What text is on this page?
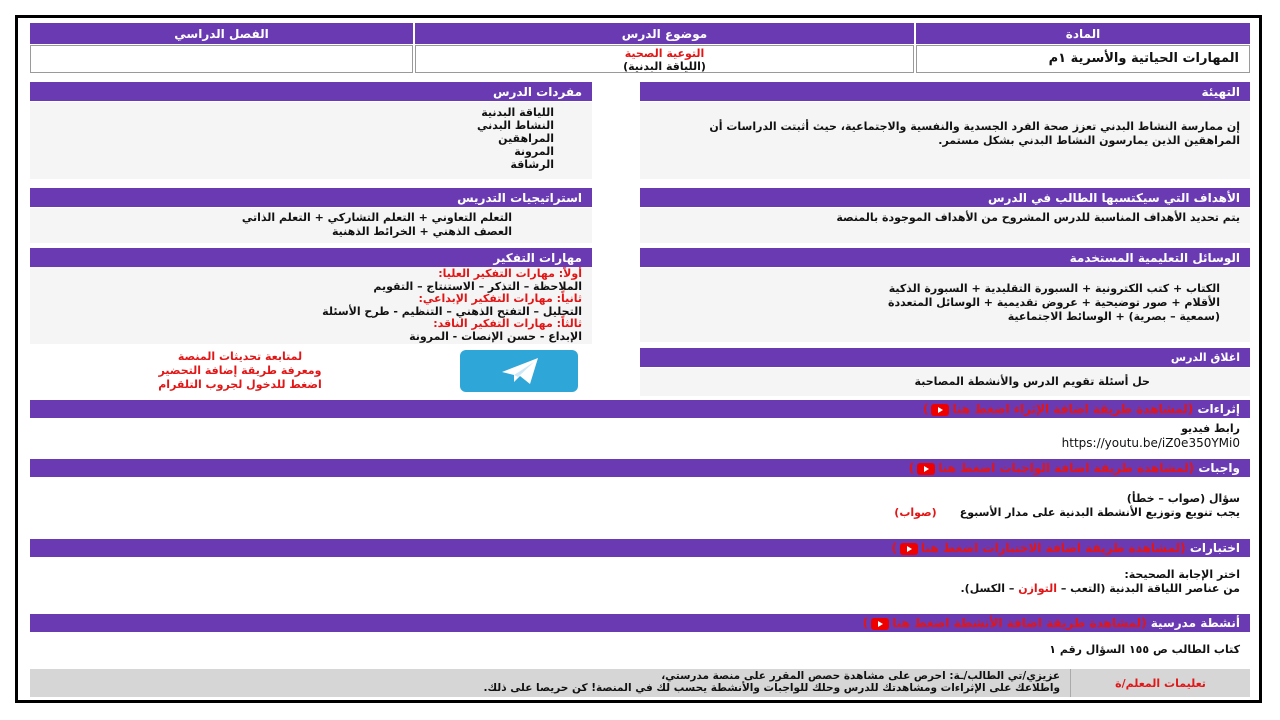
المادة
موضوع الدرس
الفصل الدراسي
المهارات الحياتية والأسرية ١م
التوعية الصحية
(اللياقة البدنية)
التهيئة
إن ممارسة النشاط البدني تعزز صحة الفرد الجسدية والنفسية والاجتماعية، حيث أثبتت الدراسات أن المراهقين الذين يمارسون النشاط البدني بشكل مستمر.
مفردات الدرس
اللياقة البدنية
النشاط البدني
المراهقين
المرونة
الرشاقة
الأهداف التي سيكتسبها الطالب في الدرس
يتم تحديد الأهداف المناسبة للدرس المشروح من الأهداف الموجودة بالمنصة
استراتيجيات التدريس
التعلم التعاوني + التعلم التشاركي + التعلم الذاتي
العصف الذهني + الخرائط الذهنية
الوسائل التعليمية المستخدمة
الكتاب + كتب الكترونية + السبورة التقليدية + السبورة الذكية
الأقلام + صور توضيحية + عروض تقديمية + الوسائل المتعددة
(سمعية – بصرية) + الوسائط الاجتماعية
مهارات التفكير
أولاً: مهارات التفكير العليا:
الملاحظة – التذكر – الاستنتاج – التقويم
ثانياً: مهارات التفكير الإبداعي:
التحليل – التفتح الذهني – التنظيم - طرح الأسئلة
ثالثاً: مهارات التفكير الناقد:
الإبداع - حسن الإنصات - المرونة
اغلاق الدرس
حل أسئلة تقويم الدرس والأنشطة المصاحبة
لمتابعة تحديثات المنصة
ومعرفة طريقة إضافة التحضير
اضغط للدخول لجروب التلقرام
إثراءات

(لمشاهدة طريقة اضافة الإثراء اضغط هنا)
رابط فيديو
https://youtu.be/iZ0e350YMi0
واجبات

(لمشاهدة طريقة اضافة الواجبات اضغط هنا)
سؤال (صواب – خطأ)
يجب تنويع وتوزيع الأنشطة البدنية على مدار الأسبوع      (صواب)
اختبارات

(لمشاهدة طريقة اضافة الاختبارات اضغط هنا)
اختر الإجابة الصحيحة:
من عناصر اللياقة البدنية (التعب – التوازن – الكسل).
أنشطة مدرسية

(لمشاهدة طريقة اضافة الأنشطة اضغط هنا)
كتاب الطالب ص ١٥٥ السؤال رقم ١
تعليمات المعلم/ة
عزيزي/تي الطالب/ـة: احرص على مشاهدة حصص المقرر على منصة مدرستي،
واطلاعك على الإثراءات ومشاهدتك للدرس وحلك للواجبات والأنشطة يحسب لك في المنصة! كن حريصا على ذلك.
